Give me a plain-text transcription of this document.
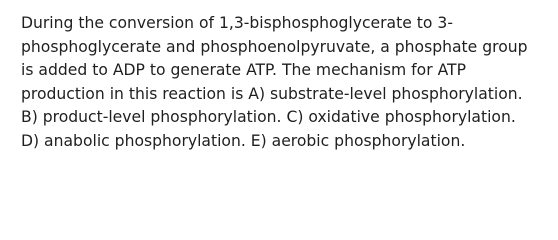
During the conversion of 1,3-bisphosphoglycerate to 3-
phosphoglycerate and phosphoenolpyruvate, a phosphate group
is added to ADP to generate ATP. The mechanism for ATP
production in this reaction is A) substrate-level phosphorylation.
B) product-level phosphorylation. C) oxidative phosphorylation.
D) anabolic phosphorylation. E) aerobic phosphorylation.
